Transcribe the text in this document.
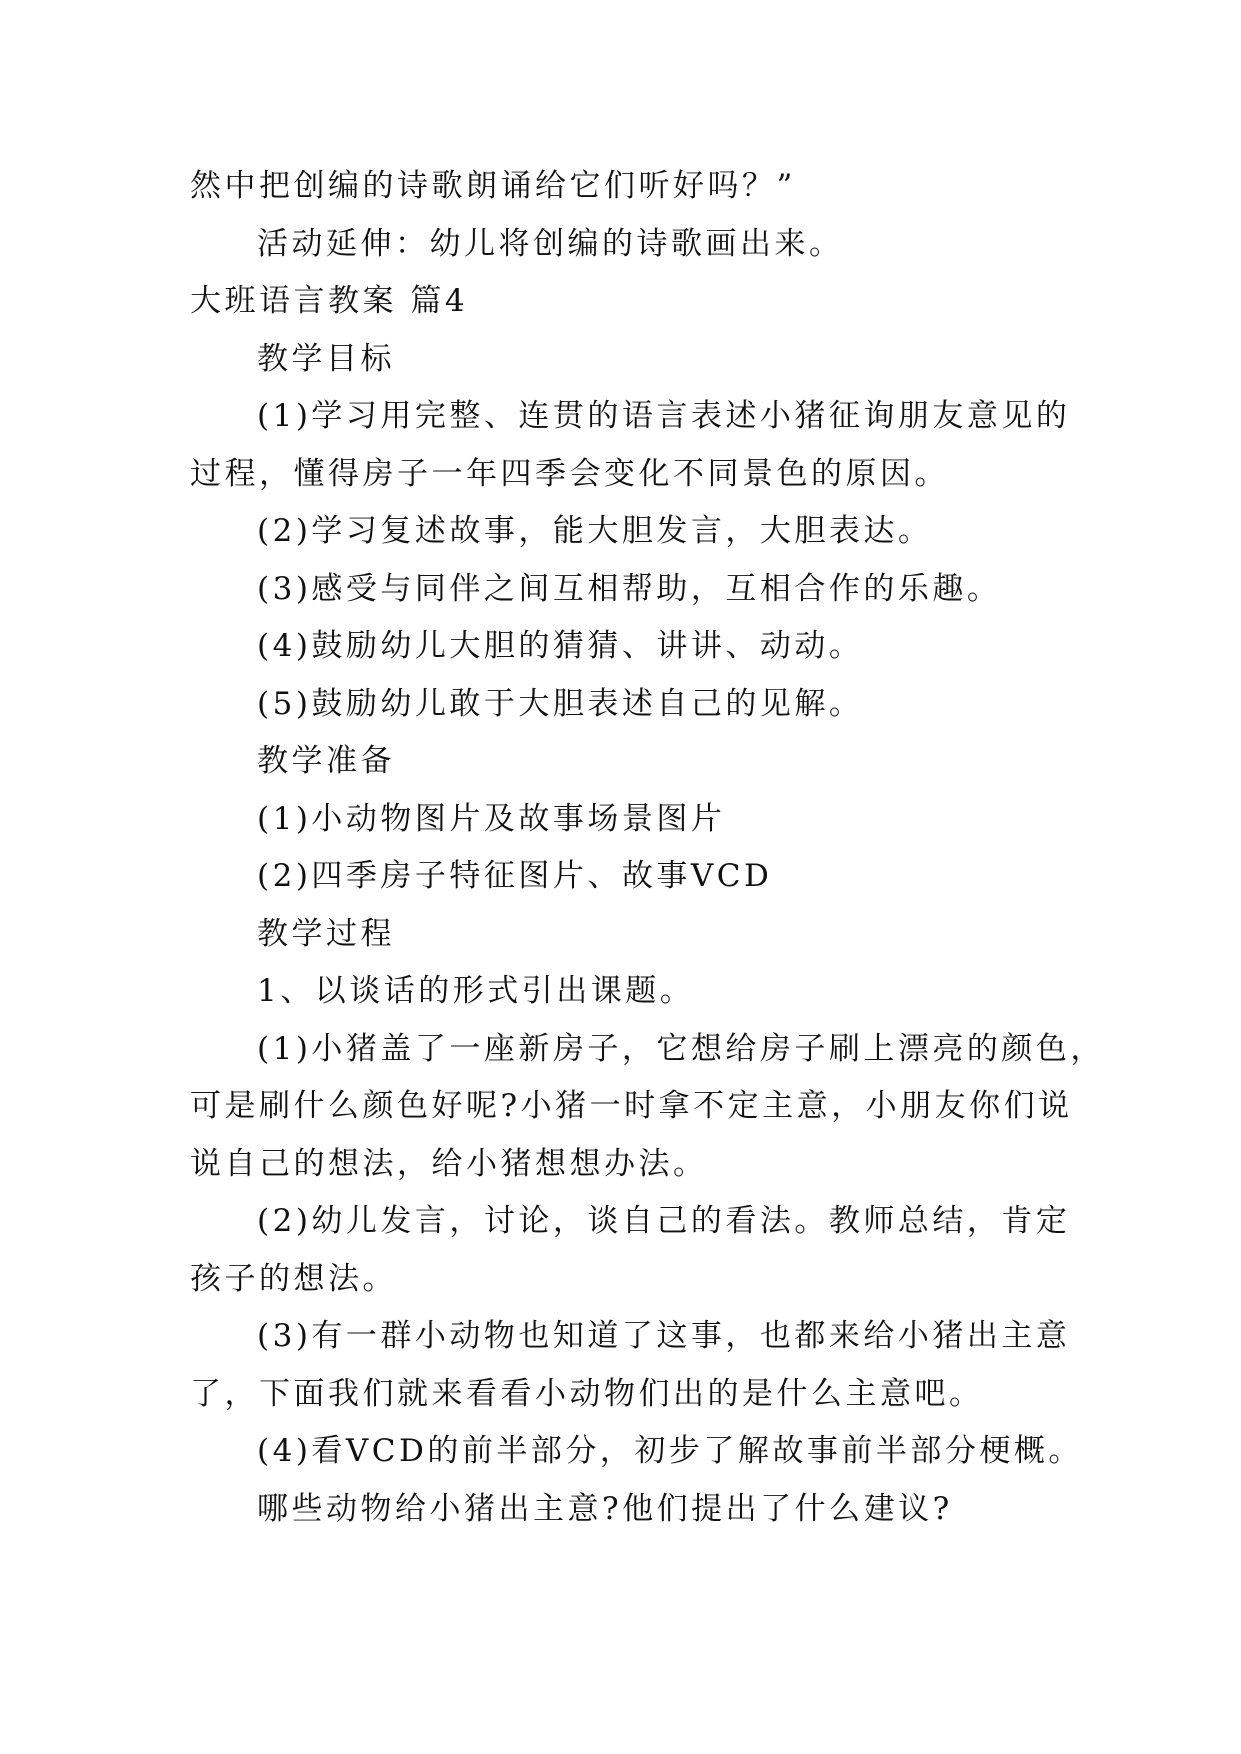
然中把创编的诗歌朗诵给它们听好吗？”

活动延伸：幼儿将创编的诗歌画出来。

大班语言教案 篇4

教学目标

(1)学习用完整、连贯的语言表述小猪征询朋友意见的

过程，懂得房子一年四季会变化不同景色的原因。

(2)学习复述故事，能大胆发言，大胆表达。

(3)感受与同伴之间互相帮助，互相合作的乐趣。

(4)鼓励幼儿大胆的猜猜、讲讲、动动。

(5)鼓励幼儿敢于大胆表述自己的见解。

教学准备

(1)小动物图片及故事场景图片

(2)四季房子特征图片、故事VCD

教学过程

1、以谈话的形式引出课题。

(1)小猪盖了一座新房子，它想给房子刷上漂亮的颜色，

可是刷什么颜色好呢?小猪一时拿不定主意，小朋友你们说

说自己的想法，给小猪想想办法。

(2)幼儿发言，讨论，谈自己的看法。教师总结，肯定

孩子的想法。

(3)有一群小动物也知道了这事，也都来给小猪出主意

了，下面我们就来看看小动物们出的是什么主意吧。

(4)看VCD的前半部分，初步了解故事前半部分梗概。

哪些动物给小猪出主意?他们提出了什么建议?
